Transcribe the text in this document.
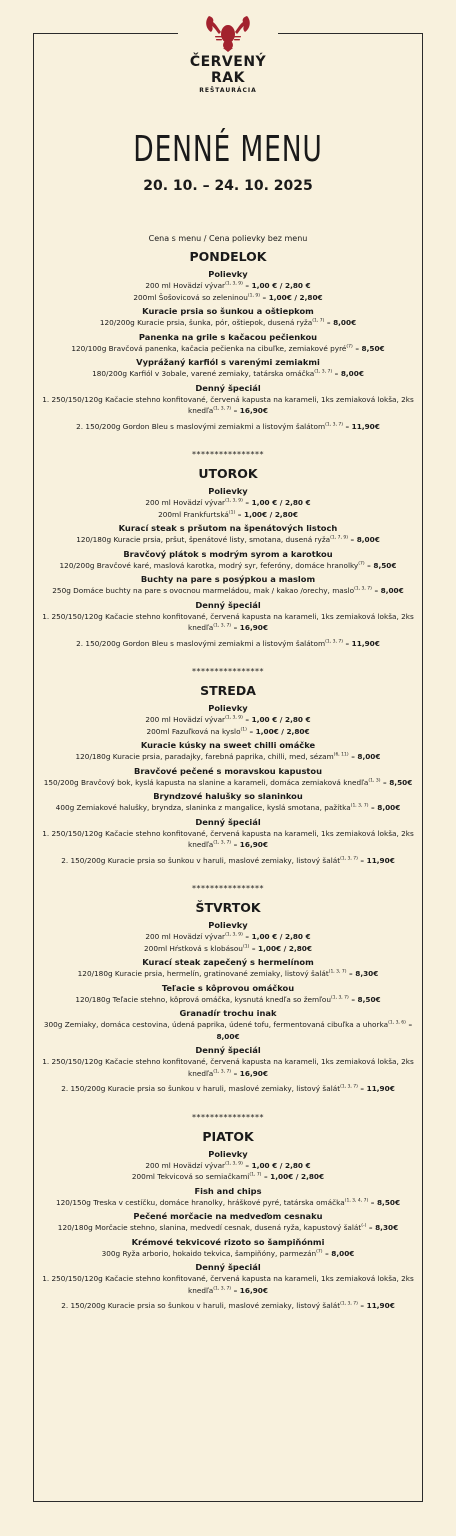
ČERVENÝ RAK
REŠTAURÁCIA
DENNÉ MENU
20. 10. – 24. 10. 2025
Cena s menu / Cena polievky bez menu
PONDELOK
Polievky
200 ml Hovädzí vývar$^{(1, 3, 9)}$ – 1,00 € / 2,80 €
200ml Šošovicová so zeleninou$^{(1, 9)}$ – 1,00€ / 2,80€
Kuracie prsia so šunkou a oštiepkom
120/200g Kuracie prsia, šunka, pór, oštiepok, dusená ryža$^{(1, 7)}$ – 8,00€
Panenka na grile s kačacou pečienkou
120/100g Bravčová panenka, kačacia pečienka na cibuľke, zemiakové pyré$^{(7)}$ – 8,50€
Vyprážaný karfiól s varenými zemiakmi
180/200g Karfiól v 3obale, varené zemiaky, tatárska omáčka$^{(1, 3, 7)}$ – 8,00€
Denný špeciál
1. 250/150/120g Kačacie stehno konfitované, červená kapusta na karameli, 1ks zemiaková lokša, 2ks knedľa$^{(1, 3, 7)}$ – 16,90€
2. 150/200g Gordon Bleu s maslovými zemiakmi a listovým šalátom$^{(1, 3, 7)}$ – 11,90€
****************
UTOROK
Polievky
200 ml Hovädzí vývar$^{(1, 3, 9)}$ – 1,00 € / 2,80 €
200ml Frankfurtská$^{(1)}$ – 1,00€ / 2,80€
Kurací steak s pršutom na špenátových listoch
120/180g Kuracie prsia, pršut, špenátové listy, smotana, dusená ryža$^{(1, 7, 9)}$ – 8,00€
Bravčový plátok s modrým syrom a karotkou
120/200g Bravčové karé, maslová karotka, modrý syr, feferóny, domáce hranolky$^{(7)}$ – 8,50€
Buchty na pare s posýpkou a maslom
250g Domáce buchty na pare s ovocnou marmeládou, mak / kakao /orechy, maslo$^{(1, 3, 7)}$ – 8,00€
Denný špeciál
1. 250/150/120g Kačacie stehno konfitované, červená kapusta na karameli, 1ks zemiaková lokša, 2ks knedľa$^{(1, 3, 7)}$ – 16,90€
2. 150/200g Gordon Bleu s maslovými zemiakmi a listovým šalátom$^{(1, 3, 7)}$ – 11,90€
****************
STREDA
Polievky
200 ml Hovädzí vývar$^{(1, 3, 9)}$ – 1,00 € / 2,80 €
200ml Fazuľková na kyslo$^{(1)}$ – 1,00€ / 2,80€
Kuracie kúsky na sweet chilli omáčke
120/180g Kuracie prsia, paradajky, farebná paprika, chilli, med, sézam$^{(6, 11)}$ – 8,00€
Bravčové pečené s moravskou kapustou
150/200g Bravčový bok, kyslá kapusta na slanine a karameli, domáca zemiaková knedľa$^{(1, 3)}$ – 8,50€
Bryndzové halušky so slaninkou
400g Zemiakové halušky, bryndza, slaninka z mangalice, kyslá smotana, pažítka$^{(1, 3, 7)}$ – 8,00€
Denný špeciál
1. 250/150/120g Kačacie stehno konfitované, červená kapusta na karameli, 1ks zemiaková lokša, 2ks knedľa$^{(1, 3, 7)}$ – 16,90€
2. 150/200g Kuracie prsia so šunkou v haruli, maslové zemiaky, listový šalát$^{(1, 3, 7)}$ – 11,90€
****************
ŠTVRTOK
Polievky
200 ml Hovädzí vývar$^{(1, 3, 9)}$ – 1,00 € / 2,80 €
200ml Hŕstková s klobásou$^{(1)}$ – 1,00€ / 2,80€
Kurací steak zapečený s hermelínom
120/180g Kuracie prsia, hermelín, gratinované zemiaky, listový šalát$^{(1, 3, 7)}$ – 8,30€
Teľacie s kôprovou omáčkou
120/180g Teľacie stehno, kôprová omáčka, kysnutá knedľa so žemľou$^{(1, 3, 7)}$ – 8,50€
Granadír trochu inak
300g Zemiaky, domáca cestovina, údená paprika, údené tofu, fermentovaná cibuľka a uhorka$^{(1, 3, 6)}$ – 8,00€
Denný špeciál
1. 250/150/120g Kačacie stehno konfitované, červená kapusta na karameli, 1ks zemiaková lokša, 2ks knedľa$^{(1, 3, 7)}$ – 16,90€
2. 150/200g Kuracie prsia so šunkou v haruli, maslové zemiaky, listový šalát$^{(1, 3, 7)}$ – 11,90€
****************
PIATOK
Polievky
200 ml Hovädzí vývar$^{(1, 3, 9)}$ – 1,00 € / 2,80 €
200ml Tekvicová so semiačkami$^{(1, 7)}$ – 1,00€ / 2,80€
Fish and chips
120/150g Treska v cestíčku, domáce hranolky, hráškové pyré, tatárska omáčka$^{(1, 3, 4, 7)}$ – 8,50€
Pečené morčacie na medveďom cesnaku
120/180g Morčacie stehno, slanina, medvedí cesnak, dusená ryža, kapustový šalát(-) – 8,30€
Krémové tekvicové rizoto so šampiňónmi
300g Ryža arborio, hokaido tekvica, šampiňóny, parmezán$^{(7)}$ – 8,00€
Denný špeciál
1. 250/150/120g Kačacie stehno konfitované, červená kapusta na karameli, 1ks zemiaková lokša, 2ks knedľa$^{(1, 3, 7)}$ – 16,90€
2. 150/200g Kuracie prsia so šunkou v haruli, maslové zemiaky, listový šalát$^{(1, 3, 7)}$ – 11,90€
